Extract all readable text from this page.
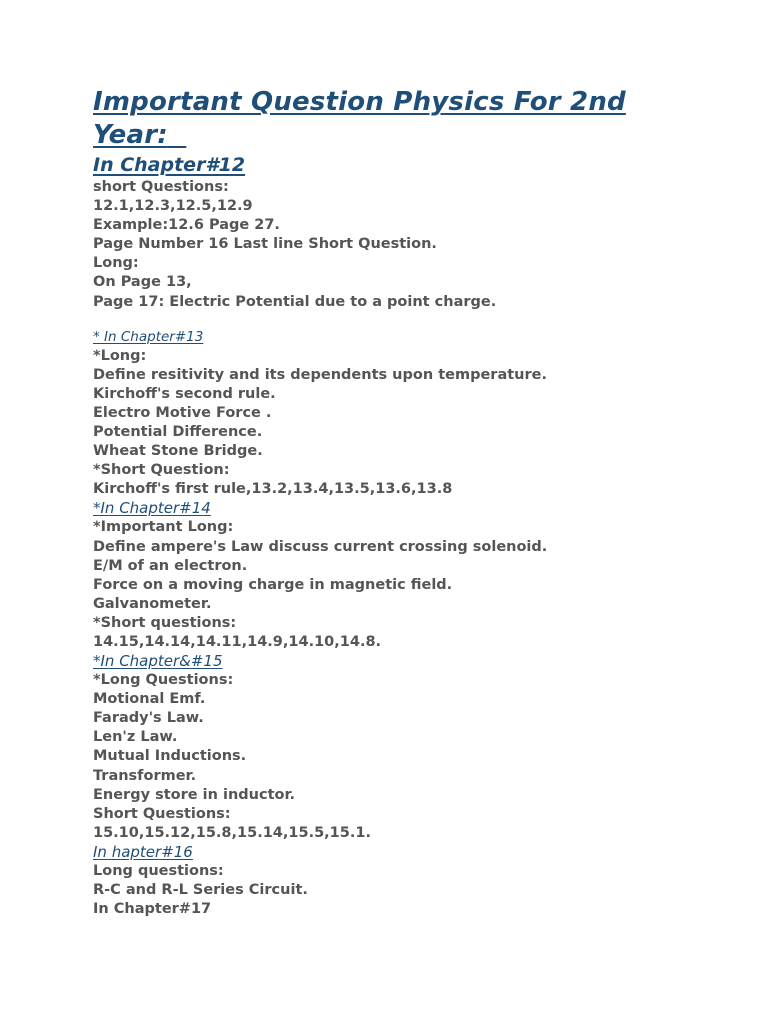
Important Question Physics For 2nd
Year:

In Chapter#12

short Questions:

12.1,12.3,12.5,12.9

Example:12.6 Page 27.

Page Number 16 Last line Short Question.

Long:

On Page 13,

Page 17: Electric Potential due to a point charge.

* In Chapter#13

*Long:

Define resitivity and its dependents upon temperature.

Kirchoff's second rule.

Electro Motive Force .

Potential Difference.

Wheat Stone Bridge.

*Short Question:

Kirchoff's first rule,13.2,13.4,13.5,13.6,13.8

*In Chapter#14

*Important Long:

Define ampere's Law discuss current crossing solenoid.

E/M of an electron.

Force on a moving charge in magnetic field.

Galvanometer.

*Short questions:

14.15,14.14,14.11,14.9,14.10,14.8.

*In Chapter&#15

*Long Questions:

Motional Emf.

Farady's Law.

Len'z Law.

Mutual Inductions.

Transformer.

Energy store in inductor.

Short Questions:

15.10,15.12,15.8,15.14,15.5,15.1.

In hapter#16

Long questions:

R-C and R-L Series Circuit.

In Chapter#17
